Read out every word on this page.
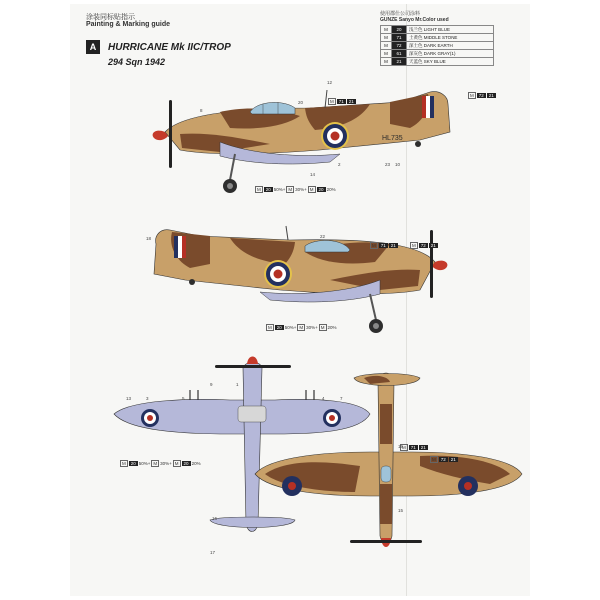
涂装同标贴指示
Painting & Marking guide
A	HURRICANE Mk IIC/TROP
294 Sqn 1942
使用郡仕公司涂料
GUNZE Sanyo Mr.Color used
M	20	浅兰色 LIGHT BLUE
M	71	土黄色 MIDDLE STONE
M	72	深土色 DARK EARTH
M	61	深灰色 DARK GRAY(1)
M	21	天蓝色 SKY BLUE
HL735
M	72	21
M	71	21
M	20 50%+ M 30%+ M	20 20%
M	71	21	M	72	21
M	20 50%+ M 30%+ M 20%
M	20 50%+ M 30%+ M	20 20%
M	71	21
M	72	21
12
20
8
14
2	23 10
18	22
13	3	5	4	7
9	1
16
17
19
15
